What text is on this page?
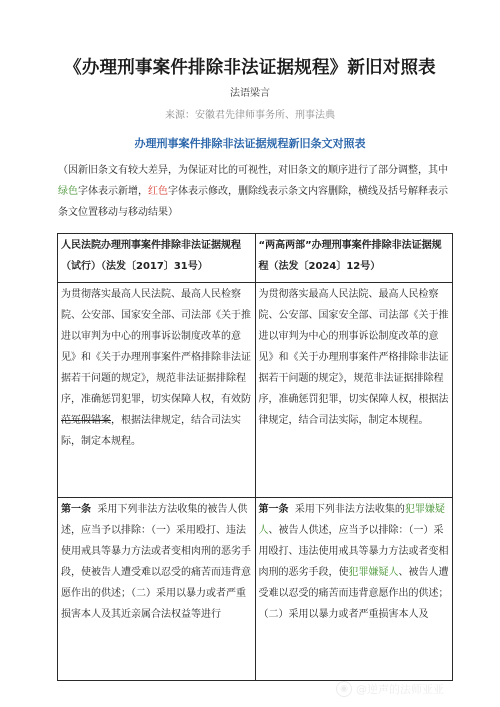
《办理刑事案件排除非法证据规程》新旧对照表
法语梁言
来源：安徽君先律师事务所、刑事法典
办理刑事案件排除非法证据规程新旧条文对照表
（因新旧条文有较大差异，为保证对比的可视性，对旧条文的顺序进行了部分调整，其中绿色字体表示新增，红色字体表示修改，删除线表示条文内容删除，横线及括号解释表示条文位置移动与移动结果）
人民法院办理刑事案件排除非法证据规程（试行）（法发〔2017〕31号）	“两高两部”办理刑事案件排除非法证据规程（法发〔2024〕12号）
为贯彻落实最高人民法院、最高人民检察院、公安部、国家安全部、司法部《关于推进以审判为中心的刑事诉讼制度改革的意见》和《关于办理刑事案件严格排除非法证据若干问题的规定》，规范非法证据排除程序，准确惩罚犯罪，切实保障人权，有效防范冤假错案，根据法律规定，结合司法实际，制定本规程。	为贯彻落实最高人民法院、最高人民检察院、公安部、国家安全部、司法部《关于推进以审判为中心的刑事诉讼制度改革的意见》和《关于办理刑事案件严格排除非法证据若干问题的规定》，规范非法证据排除程序，准确惩罚犯罪，切实保障人权，根据法律规定，结合司法实际，制定本规程。
第一条 采用下列非法方法收集的被告人供述，应当予以排除：（一）采用殴打、违法使用戒具等暴力方法或者变相肉刑的恶劣手段，使被告人遭受难以忍受的痛苦而违背意愿作出的供述；（二）采用以暴力或者严重损害本人及其近亲属合法权益等进行	第一条 采用下列非法方法收集的犯罪嫌疑人、被告人供述，应当予以排除：（一）采用殴打、违法使用戒具等暴力方法或者变相肉刑的恶劣手段，使犯罪嫌疑人、被告人遭受难以忍受的痛苦而违背意愿作出的供述；（二）采用以暴力或者严重损害本人及
◉ @逆声的法师亚亚
